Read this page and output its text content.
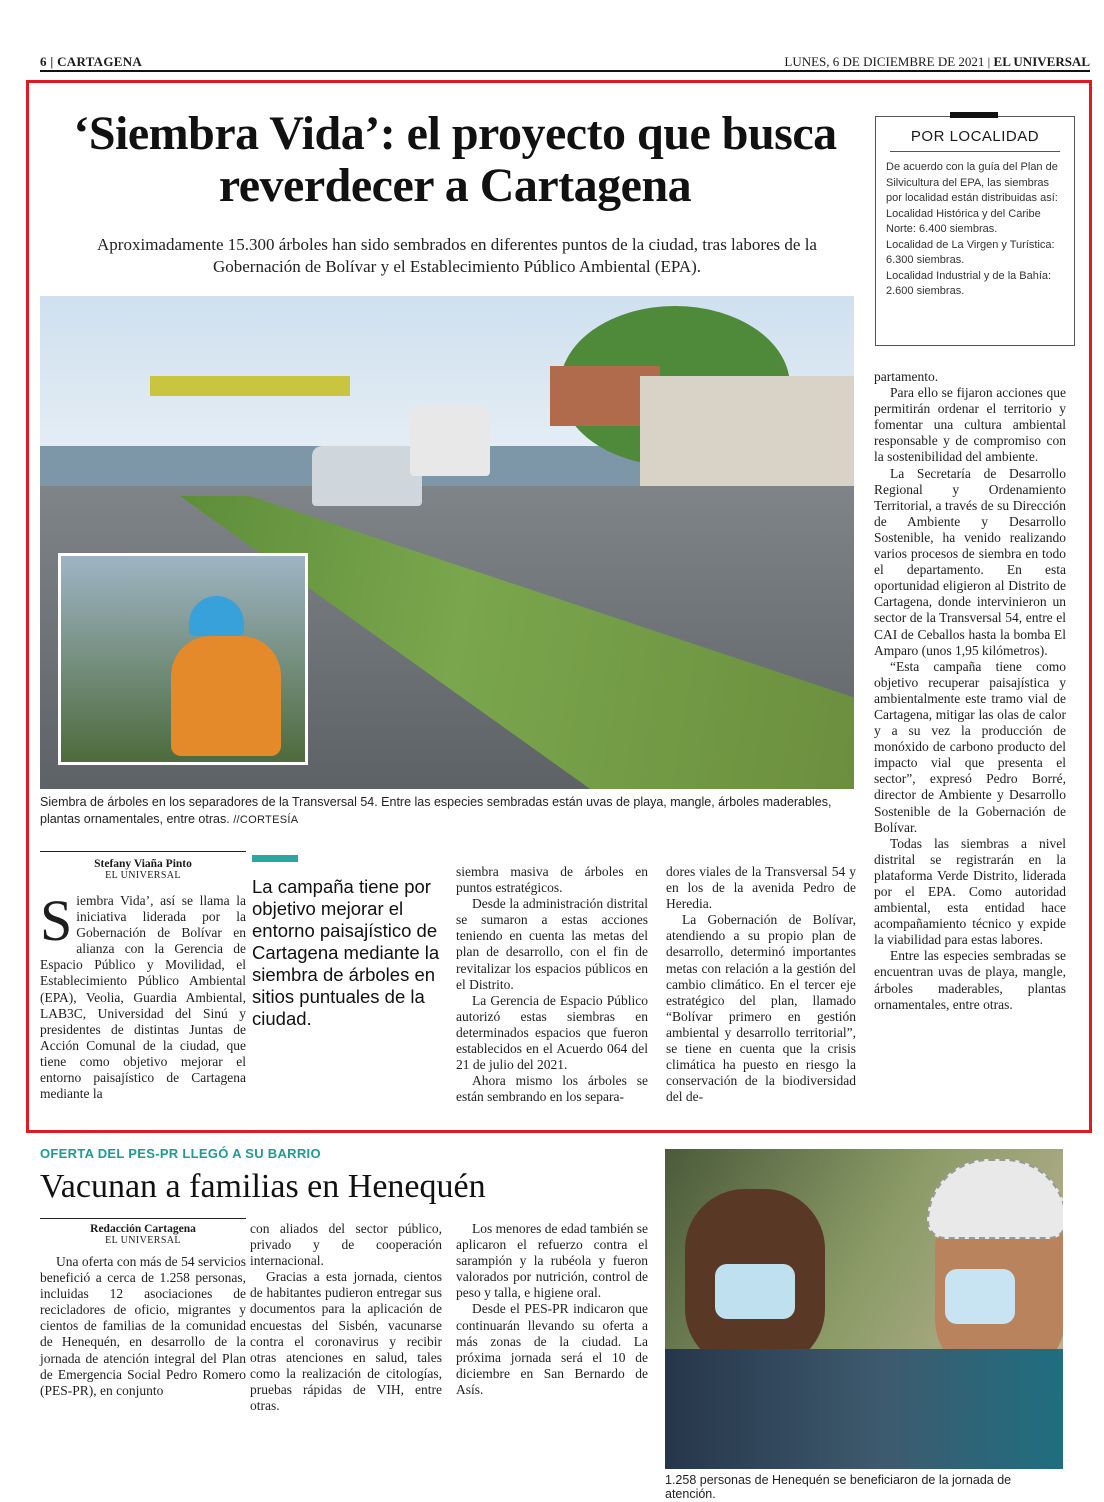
6 | CARTAGENA	LUNES, 6 DE DICIEMBRE DE 2021 | EL UNIVERSAL
‘Siembra Vida’: el proyecto que busca reverdecer a Cartagena

Aproximadamente 15.300 árboles han sido sembrados en diferentes puntos de la ciudad, tras labores de la Gobernación de Bolívar y el Establecimiento Público Ambiental (EPA).

POR LOCALIDAD

De acuerdo con la guía del Plan de Silvicultura del EPA, las siembras por localidad están distribuidas así:

Localidad Histórica y del Caribe Norte: 6.400 siembras.

Localidad de La Virgen y Turística: 6.300 siembras.

Localidad Industrial y de la Bahía: 2.600 siembras.

Siembra de árboles en los separadores de la Transversal 54. Entre las especies sembradas están uvas de playa, mangle, árboles maderables, plantas ornamentales, entre otras. //CORTESÍA

Stefany Viaña Pinto
EL UNIVERSAL

Siembra Vida’, así se llama la iniciativa liderada por la Gobernación de Bolívar en alianza con la Gerencia de Espacio Público y Movilidad, el Establecimiento Público Ambiental (EPA), Veolia, Guardia Ambiental, LAB3C, Universidad del Sinú y presidentes de distintas Juntas de Acción Comunal de la ciudad, que tiene como objetivo mejorar el entorno paisajístico de Cartagena mediante la

La campaña tiene por objetivo mejorar el entorno paisajístico de Cartagena mediante la siembra de árboles en sitios puntuales de la ciudad.

siembra masiva de árboles en puntos estratégicos.

Desde la administración distrital se sumaron a estas acciones teniendo en cuenta las metas del plan de desarrollo, con el fin de revitalizar los espacios públicos en el Distrito.

La Gerencia de Espacio Público autorizó estas siembras en determinados espacios que fueron establecidos en el Acuerdo 064 del 21 de julio del 2021.

Ahora mismo los árboles se están sembrando en los separa-

dores viales de la Transversal 54 y en los de la avenida Pedro de Heredia.

La Gobernación de Bolívar, atendiendo a su propio plan de desarrollo, determinó importantes metas con relación a la gestión del cambio climático. En el tercer eje estratégico del plan, llamado “Bolívar primero en gestión ambiental y desarrollo territorial”, se tiene en cuenta que la crisis climática ha puesto en riesgo la conservación de la biodiversidad del de-

partamento.

Para ello se fijaron acciones que permitirán ordenar el territorio y fomentar una cultura ambiental responsable y de compromiso con la sostenibilidad del ambiente.

La Secretaría de Desarrollo Regional y Ordenamiento Territorial, a través de su Dirección de Ambiente y Desarrollo Sostenible, ha venido realizando varios procesos de siembra en todo el departamento. En esta oportunidad eligieron al Distrito de Cartagena, donde intervinieron un sector de la Transversal 54, entre el CAI de Ceballos hasta la bomba El Amparo (unos 1,95 kilómetros).

“Esta campaña tiene como objetivo recuperar paisajística y ambientalmente este tramo vial de Cartagena, mitigar las olas de calor y a su vez la producción de monóxido de carbono producto del impacto vial que presenta el sector”, expresó Pedro Borré, director de Ambiente y Desarrollo Sostenible de la Gobernación de Bolívar.

Todas las siembras a nivel distrital se registrarán en la plataforma Verde Distrito, liderada por el EPA. Como autoridad ambiental, esta entidad hace acompañamiento técnico y expide la viabilidad para estas labores.

Entre las especies sembradas se encuentran uvas de playa, mangle, árboles maderables, plantas ornamentales, entre otras.

OFERTA DEL PES-PR LLEGÓ A SU BARRIO
Vacunan a familias en Henequén
Redacción Cartagena
EL UNIVERSAL

Una oferta con más de 54 servicios benefició a cerca de 1.258 personas, incluidas 12 asociaciones de recicladores de oficio, migrantes y cientos de familias de la comunidad de Henequén, en desarrollo de la jornada de atención integral del Plan de Emergencia Social Pedro Romero (PES-PR), en conjunto

con aliados del sector público, privado y de cooperación internacional.

Gracias a esta jornada, cientos de habitantes pudieron entregar sus documentos para la aplicación de encuestas del Sisbén, vacunarse contra el coronavirus y recibir otras atenciones en salud, tales como la realización de citologías, pruebas rápidas de VIH, entre otras.

Los menores de edad también se aplicaron el refuerzo contra el sarampión y la rubéola y fueron valorados por nutrición, control de peso y talla, e higiene oral.

Desde el PES-PR indicaron que continuarán llevando su oferta a más zonas de la ciudad. La próxima jornada será el 10 de diciembre en San Bernardo de Asís.

1.258 personas de Henequén se beneficiaron de la jornada de atención.
